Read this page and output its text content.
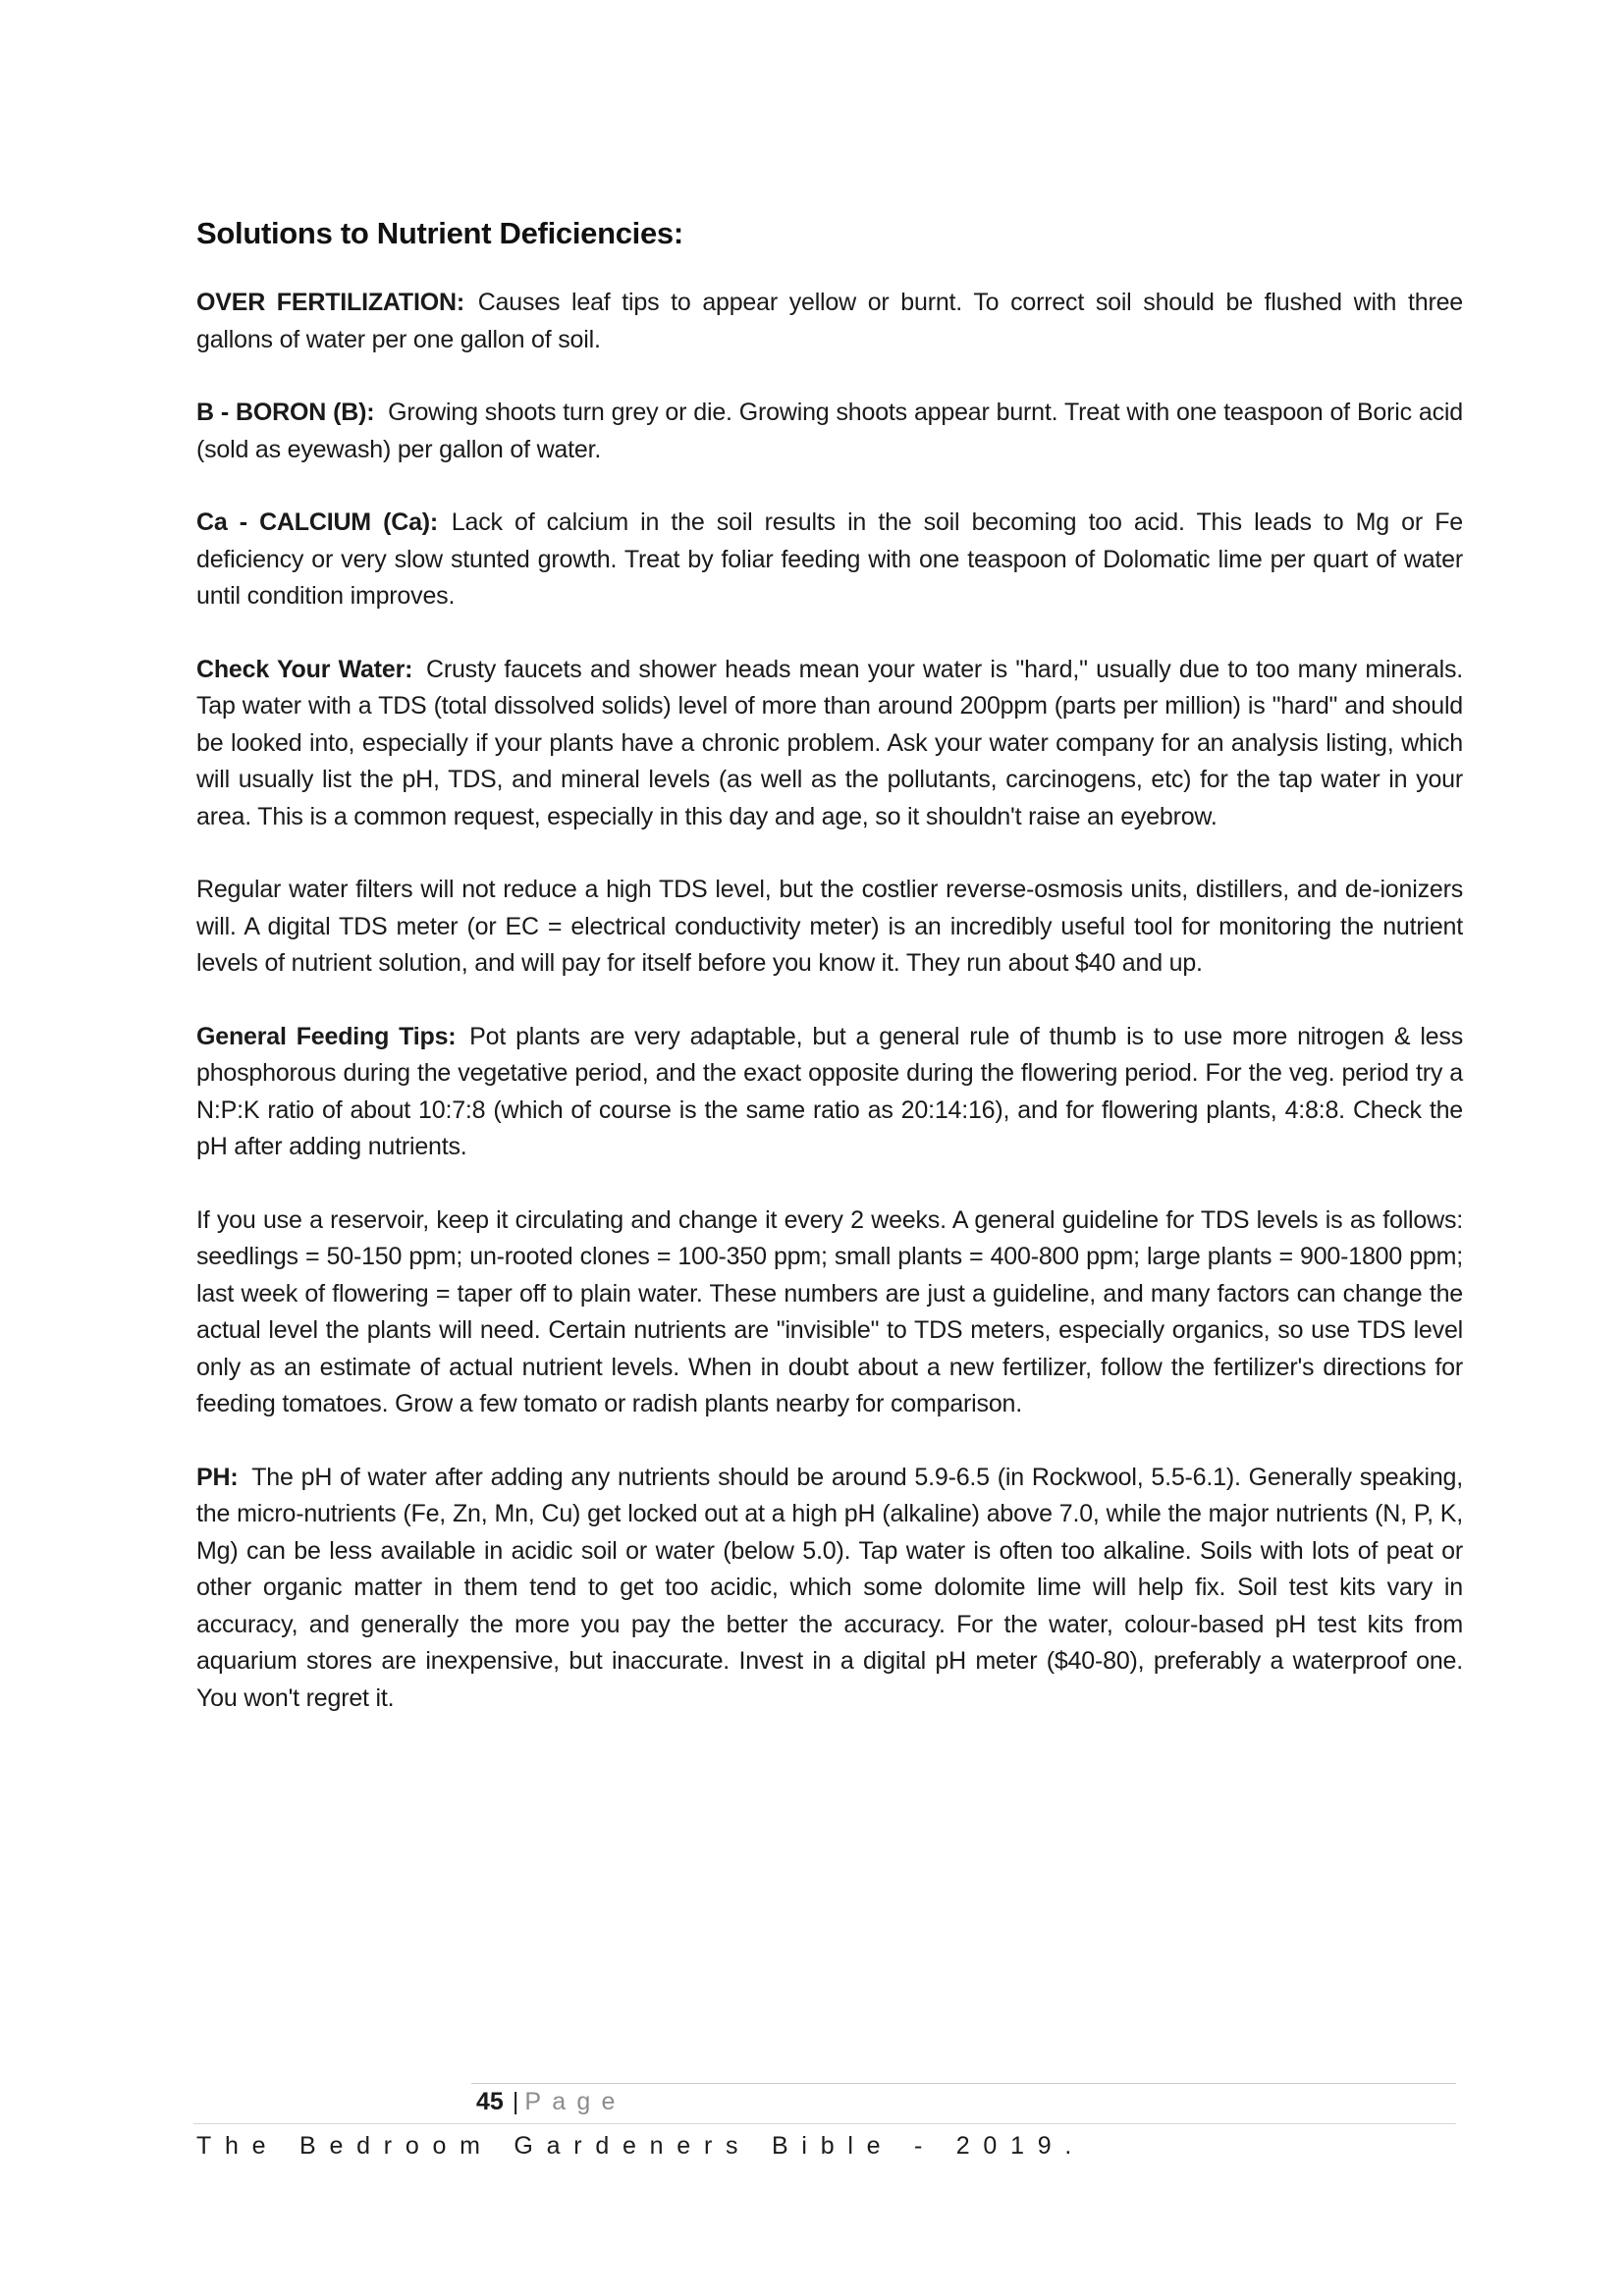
Solutions to Nutrient Deficiencies:

OVER FERTILIZATION: Causes leaf tips to appear yellow or burnt. To correct soil should be flushed with three gallons of water per one gallon of soil.

B - BORON (B): Growing shoots turn grey or die. Growing shoots appear burnt. Treat with one teaspoon of Boric acid (sold as eyewash) per gallon of water.

Ca - CALCIUM (Ca): Lack of calcium in the soil results in the soil becoming too acid. This leads to Mg or Fe deficiency or very slow stunted growth. Treat by foliar feeding with one teaspoon of Dolomatic lime per quart of water until condition improves.

Check Your Water: Crusty faucets and shower heads mean your water is "hard," usually due to too many minerals. Tap water with a TDS (total dissolved solids) level of more than around 200ppm (parts per million) is "hard" and should be looked into, especially if your plants have a chronic problem. Ask your water company for an analysis listing, which will usually list the pH, TDS, and mineral levels (as well as the pollutants, carcinogens, etc) for the tap water in your area. This is a common request, especially in this day and age, so it shouldn't raise an eyebrow.

Regular water filters will not reduce a high TDS level, but the costlier reverse-osmosis units, distillers, and de-ionizers will. A digital TDS meter (or EC = electrical conductivity meter) is an incredibly useful tool for monitoring the nutrient levels of nutrient solution, and will pay for itself before you know it. They run about $40 and up.

General Feeding Tips: Pot plants are very adaptable, but a general rule of thumb is to use more nitrogen & less phosphorous during the vegetative period, and the exact opposite during the flowering period. For the veg. period try a N:P:K ratio of about 10:7:8 (which of course is the same ratio as 20:14:16), and for flowering plants, 4:8:8. Check the pH after adding nutrients.

If you use a reservoir, keep it circulating and change it every 2 weeks. A general guideline for TDS levels is as follows: seedlings = 50-150 ppm; un-rooted clones = 100-350 ppm; small plants = 400-800 ppm; large plants = 900-1800 ppm; last week of flowering = taper off to plain water. These numbers are just a guideline, and many factors can change the actual level the plants will need. Certain nutrients are "invisible" to TDS meters, especially organics, so use TDS level only as an estimate of actual nutrient levels. When in doubt about a new fertilizer, follow the fertilizer's directions for feeding tomatoes. Grow a few tomato or radish plants nearby for comparison.

PH: The pH of water after adding any nutrients should be around 5.9-6.5 (in Rockwool, 5.5-6.1). Generally speaking, the micro-nutrients (Fe, Zn, Mn, Cu) get locked out at a high pH (alkaline) above 7.0, while the major nutrients (N, P, K, Mg) can be less available in acidic soil or water (below 5.0). Tap water is often too alkaline. Soils with lots of peat or other organic matter in them tend to get too acidic, which some dolomite lime will help fix. Soil test kits vary in accuracy, and generally the more you pay the better the accuracy. For the water, colour-based pH test kits from aquarium stores are inexpensive, but inaccurate. Invest in a digital pH meter ($40-80), preferably a waterproof one. You won't regret it.

45 | Page
The Bedroom Gardeners Bible - 2019.
